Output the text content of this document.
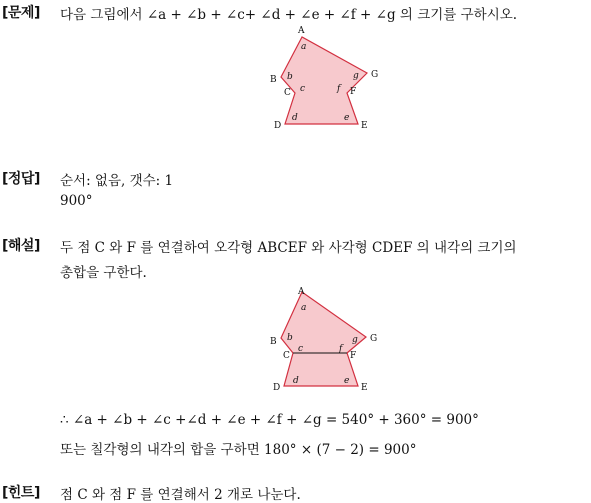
[문제] 다음 그림에서 ∠a + ∠b + ∠c+ ∠d + ∠e + ∠f + ∠g 의 크기를 구하시오.
A
B
C
D	E
F
G
a
b
c
d	e
f
g
[정답] 순서: 없음, 갯수: 1
900°
[해설] 두 점 C 와 F 를 연결하여 오각형 ABCEF 와 사각형 CDEF 의 내각의 크기의
총합을 구한다.
A
B
C
D	E
F
G
a
b
c
d	e
f
g
∴ ∠a + ∠b + ∠c +∠d + ∠e + ∠f + ∠g = 540° + 360° = 900°
또는 칠각형의 내각의 합을 구하면 180° × (7 − 2) = 900°
[힌트] 점 C 와 점 F 를 연결해서 2 개로 나눈다.
